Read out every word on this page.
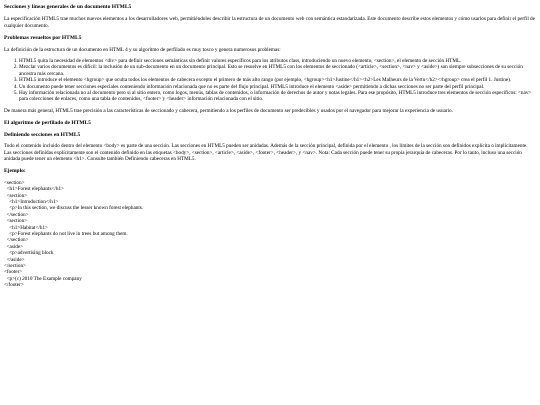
Secciones y líneas generales de un documento HTML5

La especificación HTML5 trae muchos nuevos elementos a los desarrolladores web, permitiéndoles describir la estructura de un documento web con semántica estandarizada. Este documento describe estos elementos y cómo usarlos para definir el perfil de cualquier documento.

Problemas resueltos por HTML5

La definición de la estructura de un documento en HTML 4 y su algoritmo de perfilado es muy tosco y genera numerosos problemas:

1. HTML5 quita la necesidad de elementos <div> para definir secciones semánticas sin definir valores específicos para los atributos class, introduciendo un nuevo elemento, <section>, el elemento de sección HTML.
2. Mezclar varios documentos es difícil: la inclusión de un sub-documento en un documento principal. Esto se resuelve en HTML5 con los elementos de seccionado (<article>, <section>, <nav> y <aside>) son siempre subsecciones de su sección ancestra más cercana.
3. HTML5 introduce el elemento <hgroup> que oculta todos los elementos de cabecera excepto el primero de más alto rango (por ejemplo, <hgroup><h1>Justine</h1><h2>Les Malheurs de la Vertu</h2></hgroup> crea el perfil 1. Justine).
4. Un documento puede tener secciones especiales conteniendo información relacionada que no es parte del flujo principal. HTML5 introduce el elemento <aside> permitiendo a dichas secciones no ser parte del perfil principal.
5. Hay información relacionada no al documento pero si al sitio entero, como logos, menús, tablas de contenidos, o información de derechos de autor y notas legales. Para ese propósito, HTML5 introduce tres elementos de sección específicos: <nav> para colecciones de enlaces, como una tabla de contenidos, <footer> y <header> información relacionada con el sitio.

De manera más general, HTML5 trae precisión a las características de seccionado y cabecera, permitiendo a los perfiles de documento ser predecibles y usados por el navegador para mejorar la experiencia de usuario.

El algoritmo de perfilado de HTML5
Definiendo secciones en HTML5

Todo el contenido incluido dentro del elemento <body> es parte de una sección. Las secciones en HTML5 pueden ser anidadas. Además de la sección principal, definida por el elemento , los límites de la sección son definidos explícita o implícitamente. Las secciones definidas explícitamente son el contenido definido en las etiquetas <body>, <section>, <article>, <aside>, <footer>, <header>, y <nav>. Nota: Cada sección puede tener su propia jerarquía de cabeceras. Por lo tanto, incluso una sección anidada puede tener un elemento <h1>. Consulte también Definiendo cabeceras en HTML5.

Ejemplo:
<section>
<h1>Forest elephants</h1>
<section>
<h1>Introduction</h1>
<p>In this section, we discuss the lesser known forest elephants.
</section>
<section>
<h1>Habitat</h1>
<p>Forest elephants do not live in trees but among them.
</section>
<aside>
<p>advertising block
</aside>
</section>
<footer>
<p>(c) 2010 The Example company
</footer>
